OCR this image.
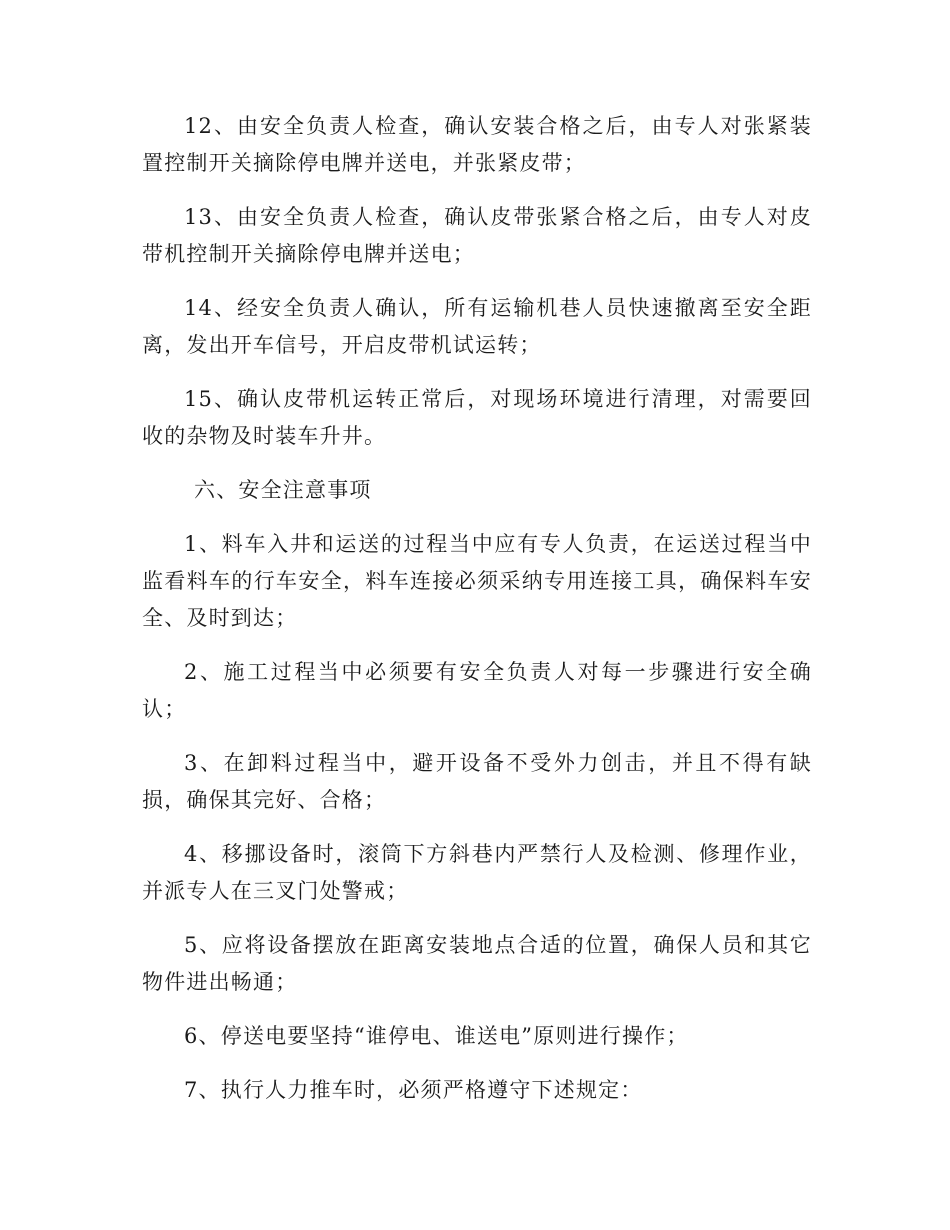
12、由安全负责人检查，确认安装合格之后，由专人对张紧装置控制开关摘除停电牌并送电，并张紧皮带；

13、由安全负责人检查，确认皮带张紧合格之后，由专人对皮带机控制开关摘除停电牌并送电；

14、经安全负责人确认，所有运输机巷人员快速撤离至安全距离，发出开车信号，开启皮带机试运转；

15、确认皮带机运转正常后，对现场环境进行清理，对需要回收的杂物及时装车升井。

六、安全注意事项

1、料车入井和运送的过程当中应有专人负责，在运送过程当中监看料车的行车安全，料车连接必须采纳专用连接工具，确保料车安全、及时到达；

2、施工过程当中必须要有安全负责人对每一步骤进行安全确认；

3、在卸料过程当中，避开设备不受外力创击，并且不得有缺损，确保其完好、合格；

4、移挪设备时，滚筒下方斜巷内严禁行人及检测、修理作业，并派专人在三叉门处警戒；

5、应将设备摆放在距离安装地点合适的位置，确保人员和其它物件进出畅通；

6、停送电要坚持“谁停电、谁送电”原则进行操作；

7、执行人力推车时，必须严格遵守下述规定：
